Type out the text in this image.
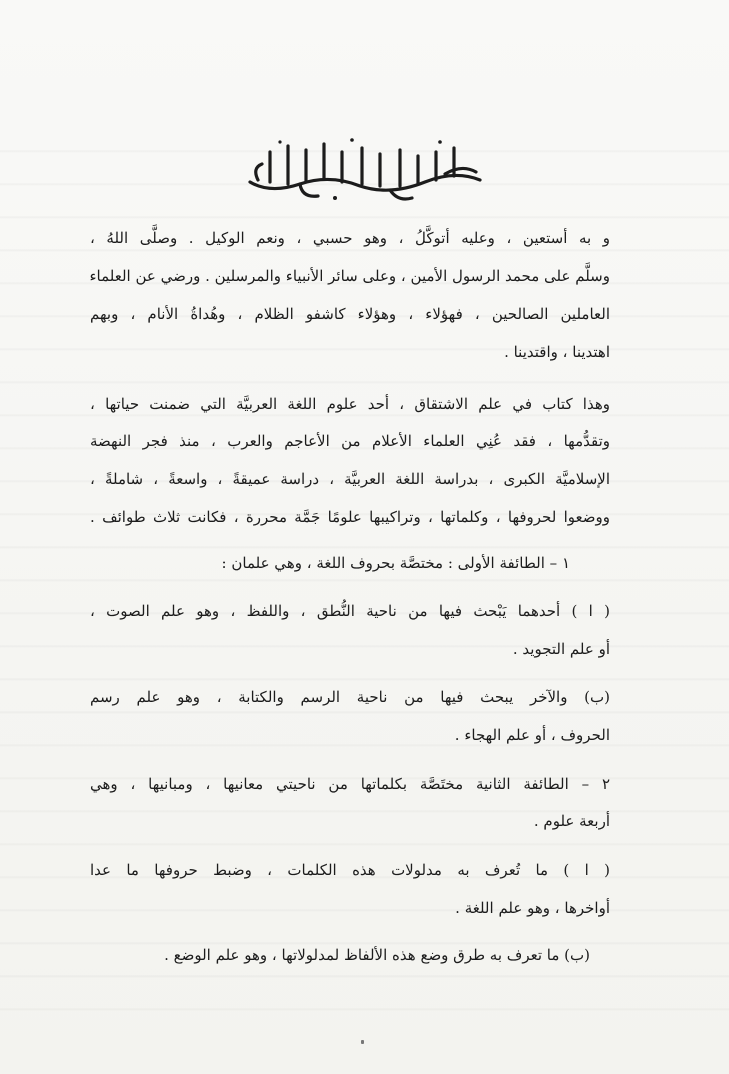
و به أستعين ، وعليه أتوكَّلُ ، وهو حسبي ، ونعم الوكيل . وصلَّى اللهُ ،
وسلَّم على محمد الرسول الأمين ، وعلى سائر الأنبياء والمرسلين . ورضي عن العلماء
العاملين الصالحين ، فهؤلاء ، وهؤلاء كاشفو الظلام ، وهُداةُ الأنام ، وبهم
اهتدينا ، واقتدينا .
وهذا كتاب في علم الاشتقاق ، أحد علوم اللغة العربيَّة التي ضمنت حياتها ،
وتقدُّمها ، فقد عُنِي العلماء الأعلام من الأعاجم والعرب ، منذ فجر النهضة
الإسلاميَّة الكبرى ، بدراسة اللغة العربيَّة ، دراسة عميقةً ، واسعةً ، شاملةً ،
ووضعوا لحروفها ، وكلماتها ، وتراكيبها علومًا جَمَّة محررة ، فكانت ثلاث طوائف .
١ – الطائفة الأولى : مختصَّة بحروف اللغة ، وهي علمان :
( ا ) أحدهما يَبْحث فيها من ناحية النُّطق ، واللفظ ، وهو علم الصوت ،
أو علم التجويد .
(ب) والآخر يبحث فيها من ناحية الرسم والكتابة ، وهو علم رسم
الحروف ، أو علم الهجاء .
٢ – الطائفة الثانية مختَصَّة بكلماتها من ناحيتي معانيها ، ومبانيها ، وهي
أربعة علوم .
( ا ) ما تُعرف به مدلولات هذه الكلمات ، وضبط حروفها ما عدا
أواخرها ، وهو علم اللغة .
(ب) ما تعرف به طرق وضع هذه الألفاظ لمدلولاتها ، وهو علم الوضع .
